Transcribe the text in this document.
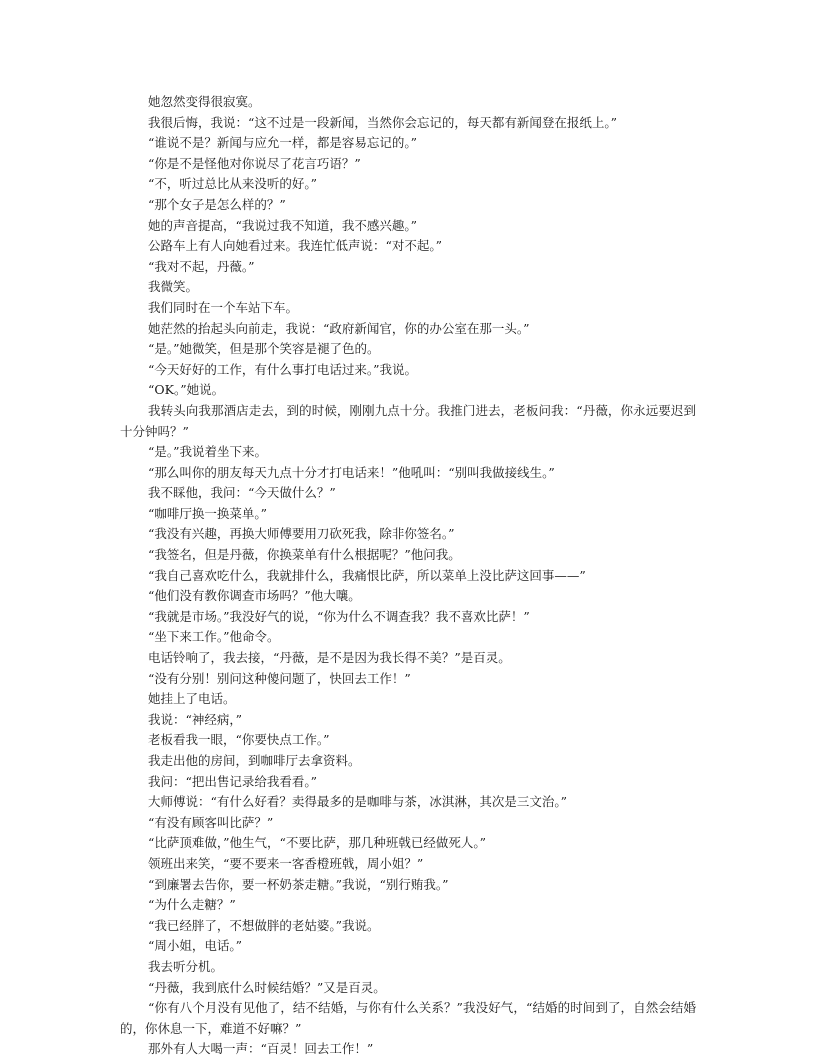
她忽然变得很寂寞。

我很后悔，我说：“这不过是一段新闻，当然你会忘记的，每天都有新闻登在报纸上。”

“谁说不是？新闻与应允一样，都是容易忘记的。”

“你是不是怪他对你说尽了花言巧语？”

“不，听过总比从来没听的好。”

“那个女子是怎么样的？”

她的声音提高，“我说过我不知道，我不感兴趣。”

公路车上有人向她看过来。我连忙低声说：“对不起。”

“我对不起，丹薇。”

我微笑。

我们同时在一个车站下车。

她茫然的抬起头向前走，我说：“政府新闻官，你的办公室在那一头。”

“是。”她微笑，但是那个笑容是褪了色的。

“今天好好的工作，有什么事打电话过来。”我说。

“OK。”她说。

我转头向我那酒店走去，到的时候，刚刚九点十分。我推门进去，老板问我：“丹薇，你永远要迟到十分钟吗？”

“是。”我说着坐下来。

“那么叫你的朋友每天九点十分才打电话来！”他吼叫：“别叫我做接线生。”

我不睬他，我问：“今天做什么？”

“咖啡厅换一换菜单。”

“我没有兴趣，再换大师傅要用刀砍死我，除非你签名。”

“我签名，但是丹薇，你换菜单有什么根据呢？”他问我。

“我自己喜欢吃什么，我就排什么，我痛恨比萨，所以菜单上没比萨这回事——”

“他们没有教你调查市场吗？”他大嚷。

“我就是市场。”我没好气的说，“你为什么不调查我？我不喜欢比萨！”

“坐下来工作。”他命令。

电话铃响了，我去接，“丹薇，是不是因为我长得不美？”是百灵。

“没有分别！别问这种傻问题了，快回去工作！”

她挂上了电话。

我说：“神经病，”

老板看我一眼，“你要快点工作。”

我走出他的房间，到咖啡厅去拿资料。

我问：“把出售记录给我看看。”

大师傅说：“有什么好看？卖得最多的是咖啡与茶，冰淇淋，其次是三文治。”

“有没有顾客叫比萨？”

“比萨顶难做，”他生气，“不要比萨，那几种班戟已经做死人。”

领班出来笑，“要不要来一客香橙班戟，周小姐？”

“到廉署去告你，要一杯奶茶走糖。”我说，“别行贿我。”

“为什么走糖？”

“我已经胖了，不想做胖的老姑婆。”我说。

“周小姐，电话。”

我去听分机。

“丹薇，我到底什么时候结婚？”又是百灵。

“你有八个月没有见他了，结不结婚，与你有什么关系？”我没好气，“结婚的时间到了，自然会结婚的，你休息一下，难道不好嘛？”

那外有人大喝一声：“百灵！回去工作！”
